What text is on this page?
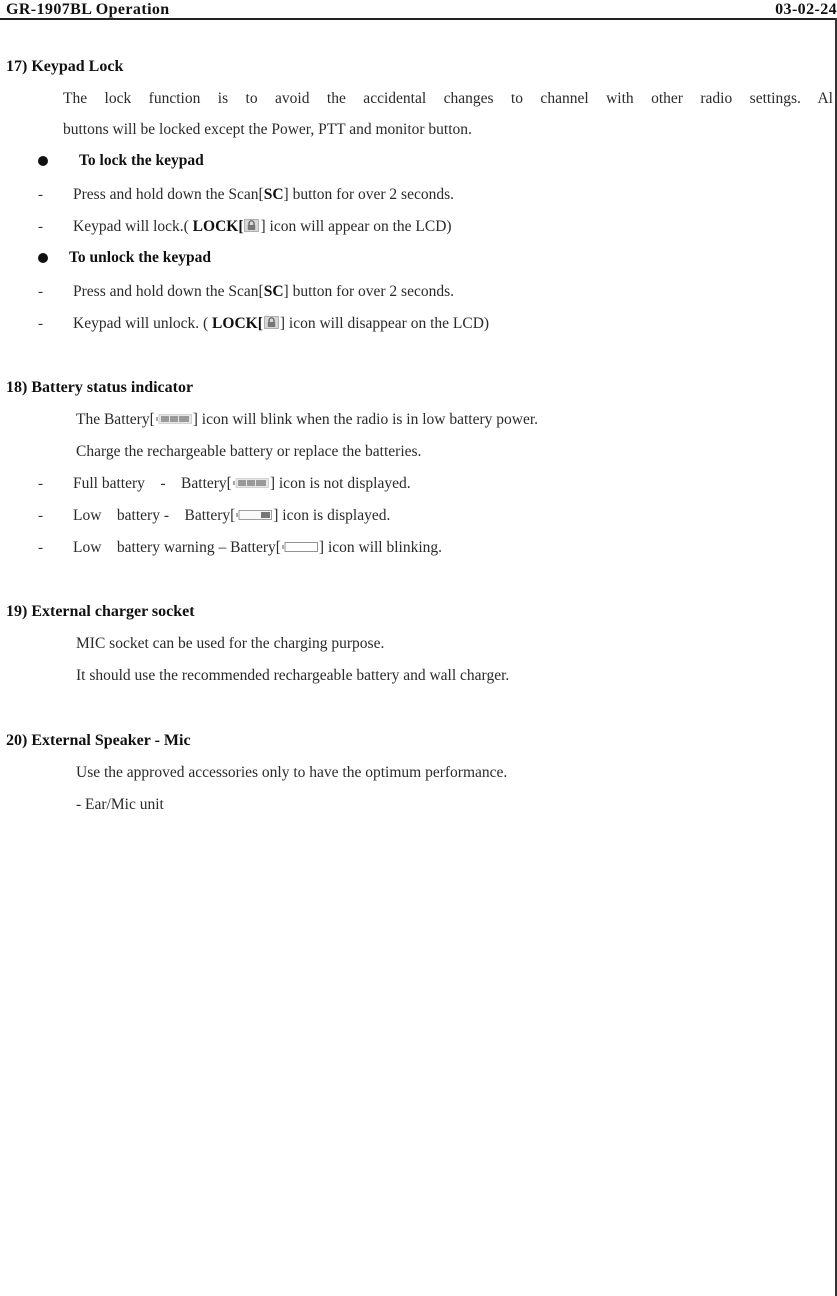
GR-1907BL Operation	03-02-24
17) Keypad Lock
The lock function is to avoid the accidental changes to channel with other radio settings. Al
buttons will be locked except the Power, PTT and monitor button.
To lock the keypad
- Press and hold down the Scan[SC] button for over 2 seconds.
- Keypad will lock.( LOCK[ ] icon will appear on the LCD)
To unlock the keypad
- Press and hold down the Scan[SC] button for over 2 seconds.
- Keypad will unlock. ( LOCK[ ] icon will disappear on the LCD)
18) Battery status indicator
The Battery[ ] icon will blink when the radio is in low battery power.
Charge the rechargeable battery or replace the batteries.
- Full battery    -    Battery[ ] icon is not displayed.
- Low    battery -    Battery[ ] icon is displayed.
- Low    battery warning – Battery[ ] icon will blinking.
19) External charger socket
MIC socket can be used for the charging purpose.
It should use the recommended rechargeable battery and wall charger.
20) External Speaker - Mic
Use the approved accessories only to have the optimum performance.
- Ear/Mic unit
